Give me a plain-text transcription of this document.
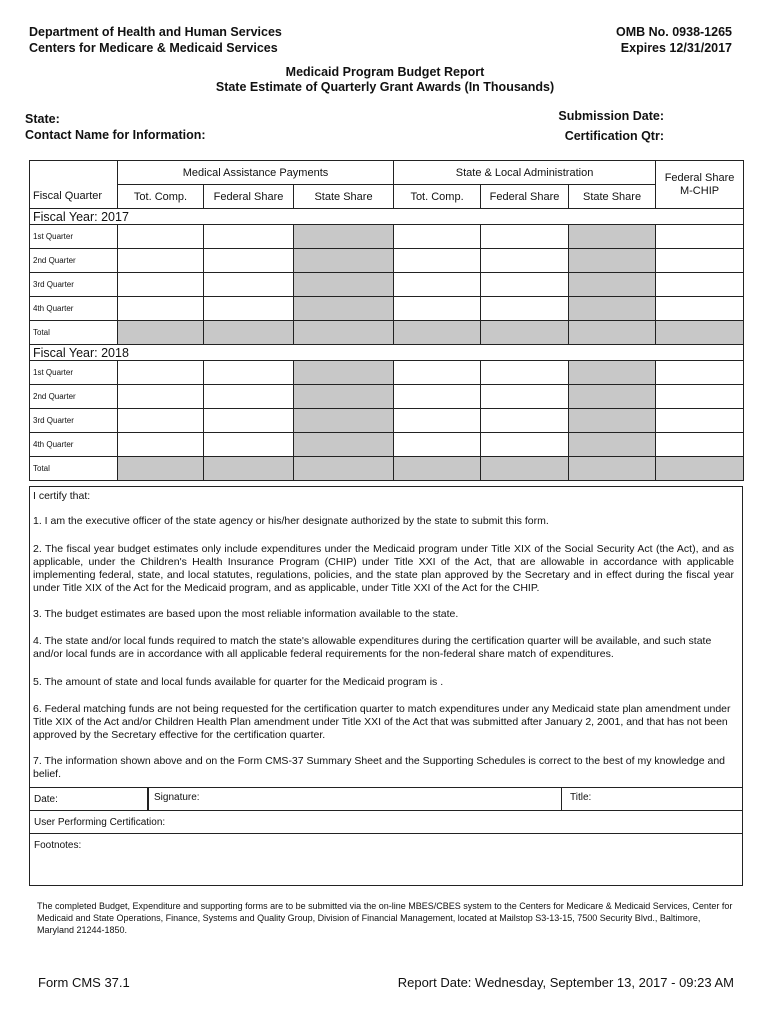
Department of Health and Human Services
Centers for Medicare & Medicaid Services
OMB No. 0938-1265
Expires 12/31/2017
Medicaid Program Budget Report
State Estimate of Quarterly Grant Awards (In Thousands)
State:
Contact Name for Information:
Submission Date:
Certification Qtr:
	Medical Assistance Payments			State & Local Administration			Federal Share M-CHIP
Fiscal Quarter	Tot. Comp.	Federal Share	State Share	Tot. Comp.	Federal Share	State Share	
Fiscal Year: 2017							
1st Quarter							
2nd Quarter							
3rd Quarter							
4th Quarter							
Total							
Fiscal Year: 2018							
1st Quarter							
2nd Quarter							
3rd Quarter							
4th Quarter							
Total							

I certify that:

1. I am the executive officer of the state agency or his/her designate authorized by the state to submit this form.

2. The fiscal year budget estimates only include expenditures under the Medicaid program under Title XIX of the Social Security Act (the Act), and as applicable, under the Children's Health Insurance Program (CHIP) under Title XXI of the Act, that are allowable in accordance with applicable implementing federal, state, and local statutes, regulations, policies, and the state plan approved by the Secretary and in effect during the fiscal year under Title XIX of the Act for the Medicaid program, and as applicable, under Title XXI of the Act for the CHIP.

3. The budget estimates are based upon the most reliable information available to the state.

4. The state and/or local funds required to match the state's allowable expenditures during the certification quarter will be available, and such state and/or local funds are in accordance with all applicable federal requirements for the non-federal share match of expenditures.

5. The amount of state and local funds available for quarter for the Medicaid program is .

6. Federal matching funds are not being requested for the certification quarter to match expenditures under any Medicaid state plan amendment under Title XIX of the Act and/or Children Health Plan amendment under Title XXI of the Act that was submitted after January 2, 2001, and that has not been approved by the Secretary effective for the certification quarter.

7. The information shown above and on the Form CMS-37 Summary Sheet and the Supporting Schedules is correct to the best of my knowledge and belief.

Date:	Signature:	Title:
User Performing Certification:
Footnotes:
The completed Budget, Expenditure and supporting forms are to be submitted via the on-line MBES/CBES system to the Centers for Medicare & Medicaid Services, Center for Medicaid and State Operations, Finance, Systems and Quality Group, Division of Financial Management, located at Mailstop S3-13-15, 7500 Security Blvd., Baltimore, Maryland 21244-1850.
Form CMS 37.1	Report Date: Wednesday, September 13, 2017 - 09:23 AM
